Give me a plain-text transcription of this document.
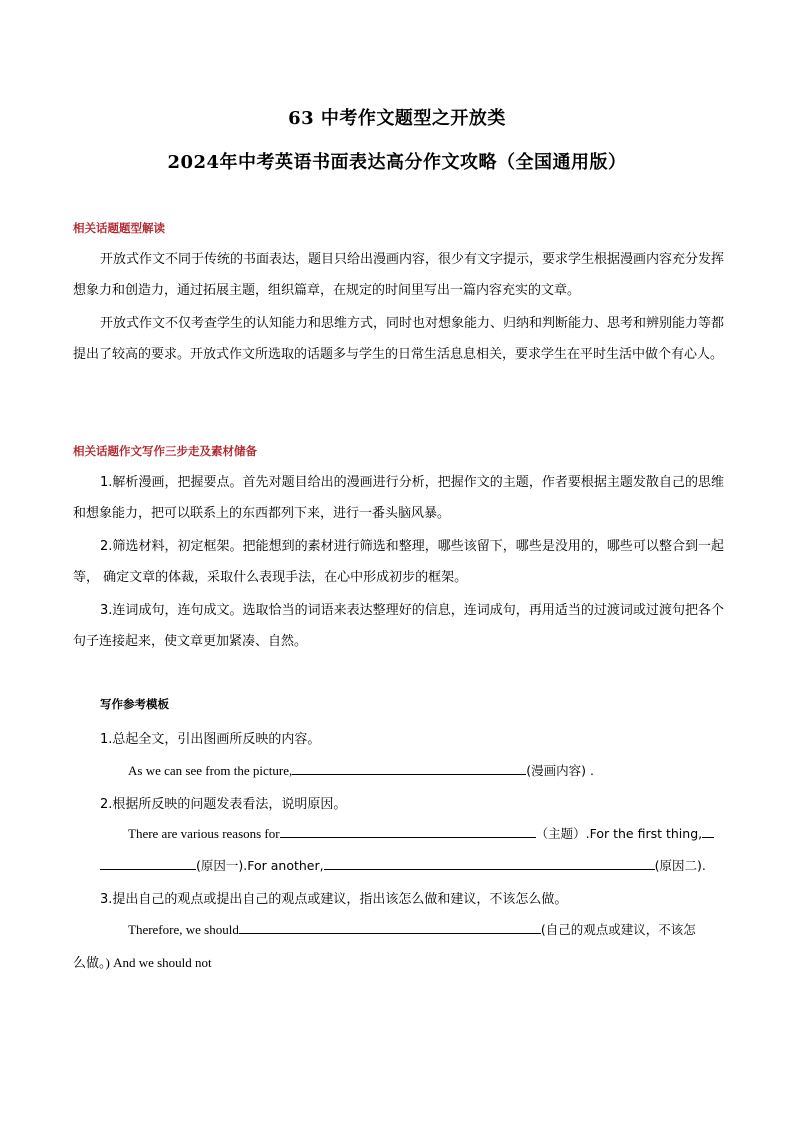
63 中考作文题型之开放类
2024年中考英语书面表达高分作文攻略（全国通用版）
相关话题题型解读

开放式作文不同于传统的书面表达，题目只给出漫画内容，很少有文字提示，要求学生根据漫画内容充分发挥想象力和创造力，通过拓展主题，组织篇章，在规定的时间里写出一篇内容充实的文章。

开放式作文不仅考查学生的认知能力和思维方式，同时也对想象能力、归纳和判断能力、思考和辨别能力等都提出了较高的要求。开放式作文所选取的话题多与学生的日常生活息息相关，要求学生在平时生活中做个有心人。

相关话题作文写作三步走及素材储备

1.解析漫画，把握要点。首先对题目给出的漫画进行分析，把握作文的主题，作者要根据主题发散自己的思维和想象能力，把可以联系上的东西都列下来，进行一番头脑风暴。

2.筛选材料，初定框架。把能想到的素材进行筛选和整理，哪些该留下，哪些是没用的，哪些可以整合到一起等， 确定文章的体裁，采取什么表现手法，在心中形成初步的框架。

3.连词成句，连句成文。选取恰当的词语来表达整理好的信息，连词成句，再用适当的过渡词或过渡句把各个句子连接起来，使文章更加紧凑、自然。

写作参考模板
1.总起全文，引出图画所反映的内容。
As we can see from the picture,	(漫画内容) .
2.根据所反映的问题发表看法，说明原因。
There are various reasons for	（主题）.For the first thing,
(原因一).For another,	(原因二).
3.提出自己的观点或提出自己的观点或建议，指出该怎么做和建议，不该怎么做。
Therefore, we should	(自己的观点或建议，不该怎
么做。) And we should not
